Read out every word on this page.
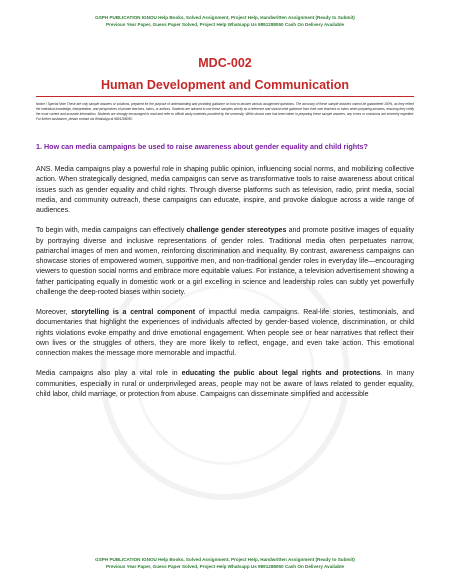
GSPH PUBLICATION IGNOU Help Books, Solved Assignment, Project Help, Handwritten Assignment (Ready to Submit)
Previous Year Paper, Guess Paper Solved, Project Help Whatsapp Us 9891288050 Cash On Delivery Available
MDC-002
Human Development and Communication
Notice / Special Note These are only sample answers or solutions, prepared for the purpose of understanding and providing guidance on how to answer various assignment questions. The accuracy of these sample answers cannot be guaranteed 100%, as they reflect the individual knowledge, interpretation, and perspectives of private teachers, tutors, or authors. Students are advised to use these samples strictly as a reference and should seek guidance from their own teachers or tutors when preparing answers, ensuring they verify the most current and accurate information. Students are strongly encouraged to read and refer to official study materials provided by the university. While utmost care has been taken in preparing these sample answers, any errors or omissions are sincerely regretted. For further assistance, please contact via WhatsApp at 9891288050.
1. How can media campaigns be used to raise awareness about gender equality and child rights?

ANS. Media campaigns play a powerful role in shaping public opinion, influencing social norms, and mobilizing collective action. When strategically designed, media campaigns can serve as transformative tools to raise awareness about critical issues such as gender equality and child rights. Through diverse platforms such as television, radio, print media, social media, and community outreach, these campaigns can educate, inspire, and provoke dialogue across a wide range of audiences.

To begin with, media campaigns can effectively challenge gender stereotypes and promote positive images of equality by portraying diverse and inclusive representations of gender roles. Traditional media often perpetuates narrow, patriarchal images of men and women, reinforcing discrimination and inequality. By contrast, awareness campaigns can showcase stories of empowered women, supportive men, and non-traditional gender roles in everyday life—encouraging viewers to question social norms and embrace more equitable values. For instance, a television advertisement showing a father participating equally in domestic work or a girl excelling in science and leadership roles can subtly yet powerfully challenge the deep-rooted biases within society.

Moreover, storytelling is a central component of impactful media campaigns. Real-life stories, testimonials, and documentaries that highlight the experiences of individuals affected by gender-based violence, discrimination, or child rights violations evoke empathy and drive emotional engagement. When people see or hear narratives that reflect their own lives or the struggles of others, they are more likely to reflect, engage, and even take action. This emotional connection makes the message more memorable and impactful.

Media campaigns also play a vital role in educating the public about legal rights and protections. In many communities, especially in rural or underprivileged areas, people may not be aware of laws related to gender equality, child labor, child marriage, or protection from abuse. Campaigns can disseminate simplified and accessible

GSPH PUBLICATION IGNOU Help Books, Solved Assignment, Project Help, Handwritten Assignment (Ready to Submit)
Previous Year Paper, Guess Paper Solved, Project Help Whatsapp Us 9891288050 Cash On Delivery Available
